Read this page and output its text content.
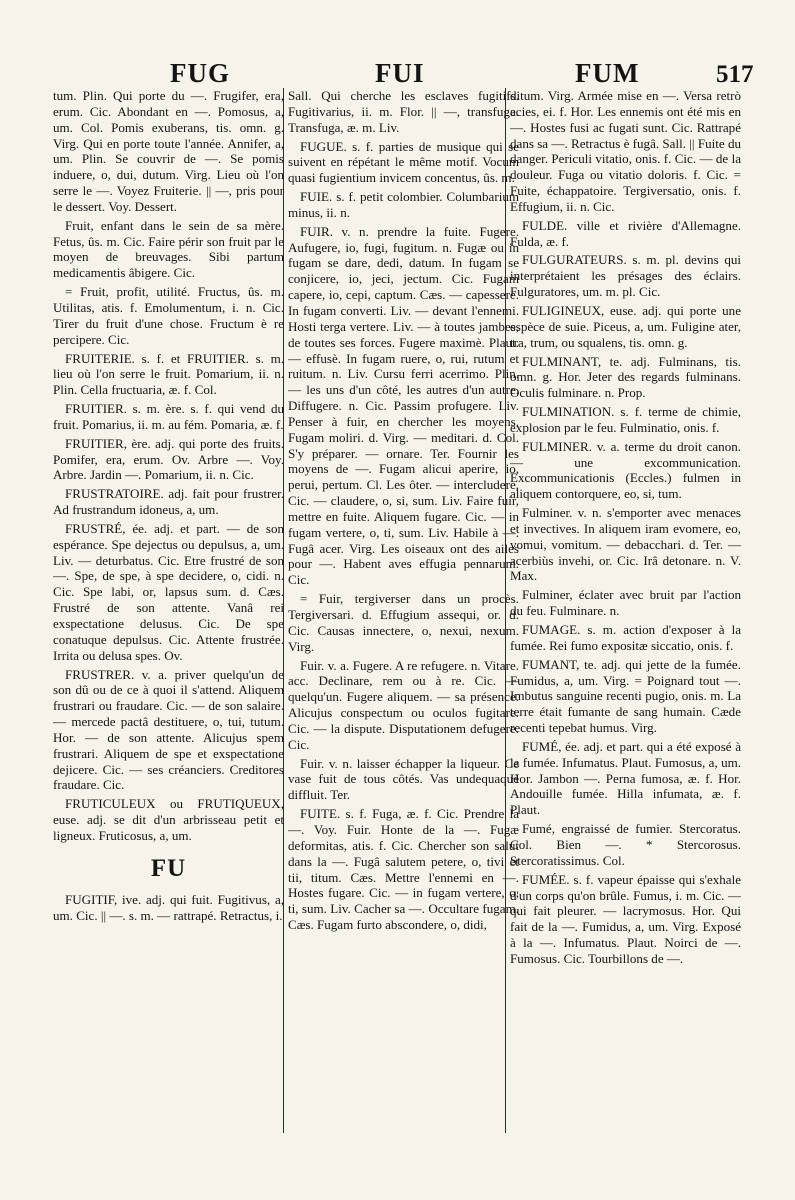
FUG	FUI	FUM	517

tum. Plin. Qui porte du —. Frugifer, era, erum. Cic. Abondant en —. Pomosus, a, um. Col. Pomis exuberans, tis. omn. g. Virg. Qui en porte toute l'année. Annifer, a, um. Plin. Se couvrir de —. Se pomis induere, o, dui, dutum. Virg. Lieu où l'on serre le —. Voyez Fruiterie. || —, pris pour le dessert. Voy. Dessert.

Fruit, enfant dans le sein de sa mère. Fetus, ûs. m. Cic. Faire périr son fruit par le moyen de breuvages. Sibi partum medicamentis âbigere. Cic.

= Fruit, profit, utilité. Fructus, ûs. m. Utilitas, atis. f. Emolumentum, i. n. Cic. Tirer du fruit d'une chose. Fructum è re percipere. Cic.

FRUITERIE. s. f. et FRUITIER. s. m. lieu où l'on serre le fruit. Pomarium, ii. n. Plin. Cella fructuaria, æ. f. Col.

FRUITIER. s. m. ère. s. f. qui vend du fruit. Pomarius, ii. m. au fém. Pomaria, æ. f.

FRUITIER, ère. adj. qui porte des fruits. Pomifer, era, erum. Ov. Arbre —. Voy. Arbre. Jardin —. Pomarium, ii. n. Cic.

FRUSTRATOIRE. adj. fait pour frustrer. Ad frustrandum idoneus, a, um.

FRUSTRÉ, ée. adj. et part. — de son espérance. Spe dejectus ou depulsus, a, um. Liv. — deturbatus. Cic. Etre frustré de son —. Spe, de spe, à spe decidere, o, cidi. n. Cic. Spe labi, or, lapsus sum. d. Cæs. Frustré de son attente. Vanâ rei exspectatione delusus. Cic. De spe conatuque depulsus. Cic. Attente frustrée. Irrita ou delusa spes. Ov.

FRUSTRER. v. a. priver quelqu'un de son dû ou de ce à quoi il s'attend. Aliquem frustrari ou fraudare. Cic. — de son salaire. — mercede pactâ destituere, o, tui, tutum. Hor. — de son attente. Alicujus spem frustrari. Aliquem de spe et exspectatione dejicere. Cic. — ses créanciers. Creditores fraudare. Cic.

FRUTICULEUX ou FRUTIQUEUX, euse. adj. se dit d'un arbrisseau petit et ligneux. Fruticosus, a, um.

FU

FUGITIF, ive. adj. qui fuit. Fugitivus, a, um. Cic. || —. s. m. — rattrapé. Retractus, i.

Sall. Qui cherche les esclaves fugitifs. Fugitivarius, ii. m. Flor. || —, transfuge. Transfuga, æ. m. Liv.

FUGUE. s. f. parties de musique qui se suivent en répétant le même motif. Vocum quasi fugientium invicem concentus, ûs. m.

FUIE. s. f. petit colombier. Columbarium minus, ii. n.

FUIR. v. n. prendre la fuite. Fugere. Aufugere, io, fugi, fugitum. n. Fugæ ou in fugam se dare, dedi, datum. In fugam se conjicere, io, jeci, jectum. Cic. Fugam capere, io, cepi, captum. Cæs. — capessere. In fugam converti. Liv. — devant l'ennemi. Hosti terga vertere. Liv. — à toutes jambes, de toutes ses forces. Fugere maximè. Plaut. — effusè. In fugam ruere, o, rui, rutum et ruitum. n. Liv. Cursu ferri acerrimo. Plin. — les uns d'un côté, les autres d'un autre. Diffugere. n. Cic. Passim profugere. Liv. Penser à fuir, en chercher les moyens. Fugam moliri. d. Virg. — meditari. d. Col. S'y préparer. — ornare. Ter. Fournir les moyens de —. Fugam alicui aperire, io, perui, pertum. Cl. Les ôter. — intercludere, Cic. — claudere, o, si, sum. Liv. Faire fuir, mettre en fuite. Aliquem fugare. Cic. — in fugam vertere, o, ti, sum. Liv. Habile à —. Fugâ acer. Virg. Les oiseaux ont des ailes pour —. Habent aves effugia pennarum. Cic.

= Fuir, tergiverser dans un procès. Tergiversari. d. Effugium assequi, or. d. Cic. Causas innectere, o, nexui, nexum. Virg.

Fuir. v. a. Fugere. A re refugere. n. Vitare. acc. Declinare, rem ou à re. Cic. — quelqu'un. Fugere aliquem. — sa présence. Alicujus conspectum ou oculos fugitare. Cic. — la dispute. Disputationem defugere. Cic.

Fuir. v. n. laisser échapper la liqueur. Ce vase fuit de tous côtés. Vas undequaquè diffluit. Ter.

FUITE. s. f. Fuga, æ. f. Cic. Prendre la —. Voy. Fuir. Honte de la —. Fugæ deformitas, atis. f. Cic. Chercher son salut dans la —. Fugâ salutem petere, o, tivi et tii, titum. Cæs. Mettre l'ennemi en —. Hostes fugare. Cic. — in fugam vertere, o, ti, sum. Liv. Cacher sa —. Occultare fugam. Cæs. Fugam furto abscondere, o, didi,

ditum. Virg. Armée mise en —. Versa retrò acies, ei. f. Hor. Les ennemis ont été mis en —. Hostes fusi ac fugati sunt. Cic. Rattrapé dans sa —. Retractus è fugâ. Sall. || Fuite du danger. Periculi vitatio, onis. f. Cic. — de la douleur. Fuga ou vitatio doloris. f. Cic. = Fuite, échappatoire. Tergiversatio, onis. f. Effugium, ii. n. Cic.

FULDE. ville et rivière d'Allemagne. Fulda, æ. f.

FULGURATEURS. s. m. pl. devins qui interprétaient les présages des éclairs. Fulguratores, um. m. pl. Cic.

FULIGINEUX, euse. adj. qui porte une espèce de suie. Piceus, a, um. Fuligine ater, tra, trum, ou squalens, tis. omn. g.

FULMINANT, te. adj. Fulminans, tis. omn. g. Hor. Jeter des regards fulminans. Oculis fulminare. n. Prop.

FULMINATION. s. f. terme de chimie, explosion par le feu. Fulminatio, onis. f.

FULMINER. v. a. terme du droit canon. — une excommunication. Excommunicationis (Eccles.) fulmen in aliquem contorquere, eo, si, tum.

Fulminer. v. n. s'emporter avec menaces et invectives. In aliquem iram evomere, eo, vomui, vomitum. — debacchari. d. Ter. — acerbiùs invehi, or. Cic. Irâ detonare. n. V. Max.

Fulminer, éclater avec bruit par l'action du feu. Fulminare. n.

FUMAGE. s. m. action d'exposer à la fumée. Rei fumo expositæ siccatio, onis. f.

FUMANT, te. adj. qui jette de la fumée. Fumidus, a, um. Virg. = Poignard tout —. Imbutus sanguine recenti pugio, onis. m. La terre était fumante de sang humain. Cæde recenti tepebat humus. Virg.

FUMÉ, ée. adj. et part. qui a été exposé à la fumée. Infumatus. Plaut. Fumosus, a, um. Hor. Jambon —. Perna fumosa, æ. f. Hor. Andouille fumée. Hilla infumata, æ. f. Plaut.

Fumé, engraissé de fumier. Stercoratus. Col. Bien —. * Stercorosus. Stercoratissimus. Col.

FUMÉE. s. f. vapeur épaisse qui s'exhale d'un corps qu'on brûle. Fumus, i. m. Cic. — qui fait pleurer. — lacrymosus. Hor. Qui fait de la —. Fumidus, a, um. Virg. Exposé à la —. Infumatus. Plaut. Noirci de —. Fumosus. Cic. Tourbillons de —.
